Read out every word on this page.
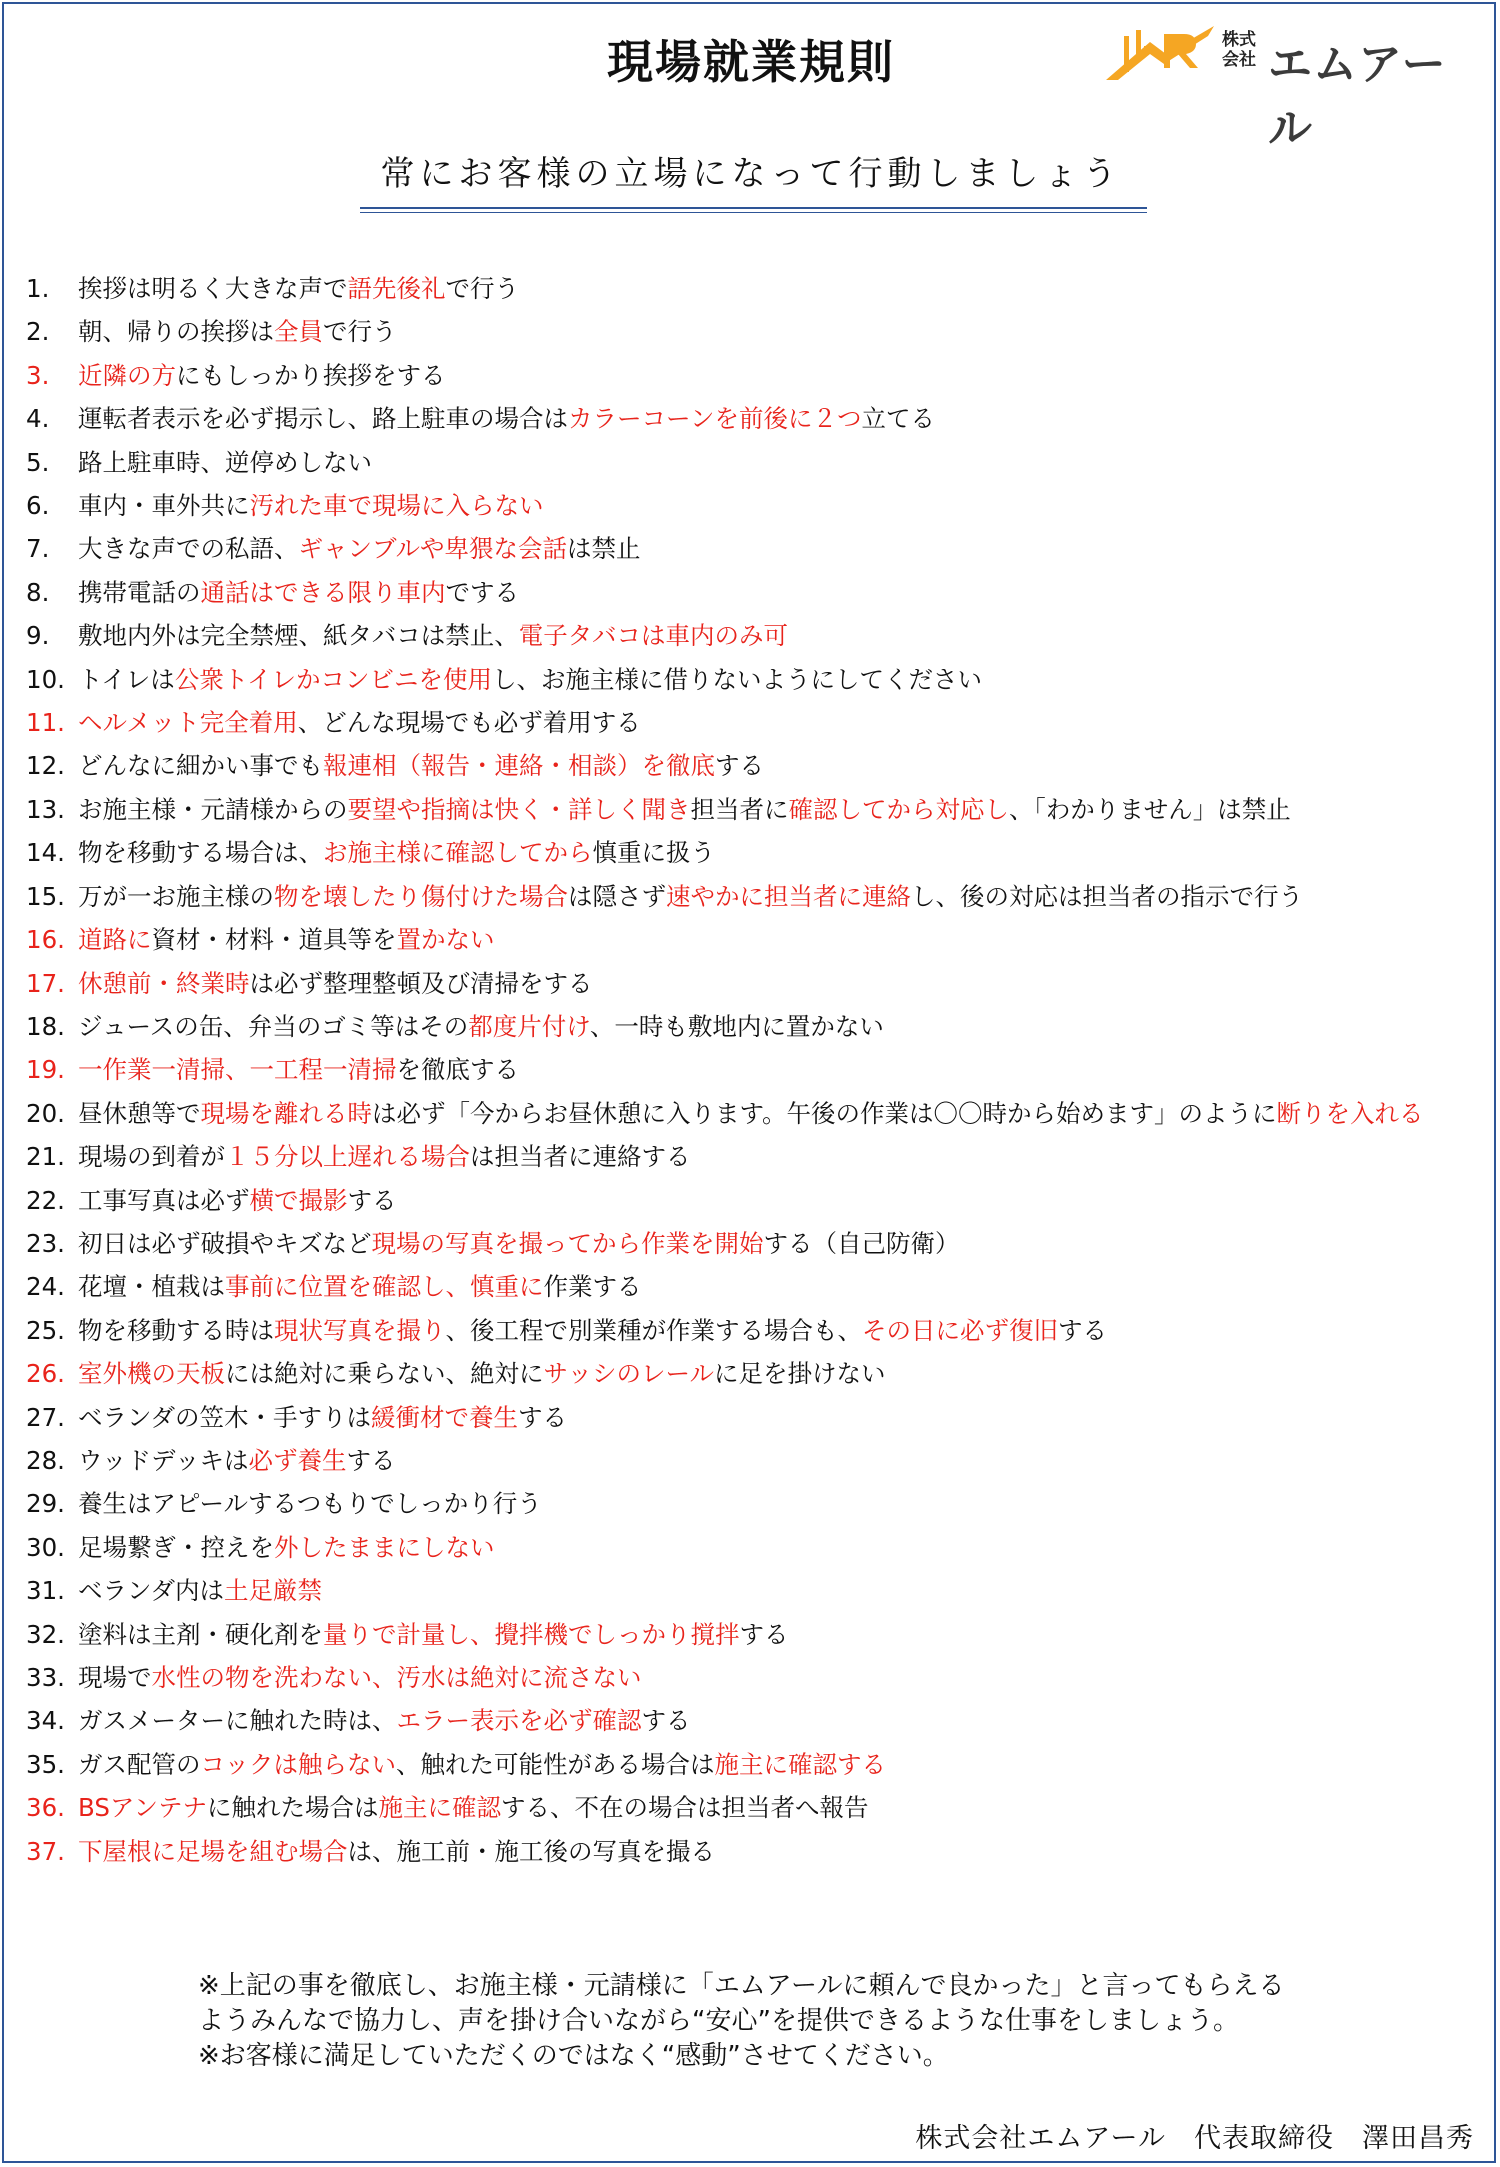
現場就業規則	株式会社 エムアール
常にお客様の立場になって行動しましょう
1.	挨拶は明るく大きな声で語先後礼で行う
2.	朝、帰りの挨拶は全員で行う
3.	近隣の方にもしっかり挨拶をする
4.	運転者表示を必ず掲示し、路上駐車の場合はカラーコーンを前後に２つ立てる
5.	路上駐車時、逆停めしない
6.	車内・車外共に汚れた車で現場に入らない
7.	大きな声での私語、ギャンブルや卑猥な会話は禁止
8.	携帯電話の通話はできる限り車内でする
9.	敷地内外は完全禁煙、紙タバコは禁止、電子タバコは車内のみ可
10. トイレは公衆トイレかコンビニを使用し、お施主様に借りないようにしてください
11. ヘルメット完全着用、どんな現場でも必ず着用する
12. どんなに細かい事でも報連相（報告・連絡・相談）を徹底する
13. お施主様・元請様からの要望や指摘は快く・詳しく聞き担当者に確認してから対応し、「わかりません」は禁止
14. 物を移動する場合は、お施主様に確認してから慎重に扱う
15. 万が一お施主様の物を壊したり傷付けた場合は隠さず速やかに担当者に連絡し、後の対応は担当者の指示で行う
16. 道路に資材・材料・道具等を置かない
17. 休憩前・終業時は必ず整理整頓及び清掃をする
18. ジュースの缶、弁当のゴミ等はその都度片付け、一時も敷地内に置かない
19. 一作業一清掃、一工程一清掃を徹底する
20. 昼休憩等で現場を離れる時は必ず「今からお昼休憩に入ります。午後の作業は〇〇時から始めます」のように断りを入れる
21. 現場の到着が１５分以上遅れる場合は担当者に連絡する
22. 工事写真は必ず横で撮影する
23. 初日は必ず破損やキズなど現場の写真を撮ってから作業を開始する（自己防衛）
24. 花壇・植栽は事前に位置を確認し、慎重に作業する
25. 物を移動する時は現状写真を撮り、後工程で別業種が作業する場合も、その日に必ず復旧する
26. 室外機の天板には絶対に乗らない、絶対にサッシのレールに足を掛けない
27. ベランダの笠木・手すりは緩衝材で養生する
28. ウッドデッキは必ず養生する
29. 養生はアピールするつもりでしっかり行う
30. 足場繋ぎ・控えを外したままにしない
31. ベランダ内は土足厳禁
32. 塗料は主剤・硬化剤を量りで計量し、攪拌機でしっかり撹拌する
33. 現場で水性の物を洗わない、汚水は絶対に流さない
34. ガスメーターに触れた時は、エラー表示を必ず確認する
35. ガス配管のコックは触らない、触れた可能性がある場合は施主に確認する
36. BSアンテナに触れた場合は施主に確認する、不在の場合は担当者へ報告
37. 下屋根に足場を組む場合は、施工前・施工後の写真を撮る

※上記の事を徹底し、お施主様・元請様に「エムアールに頼んで良かった」と言ってもらえる

ようみんなで協力し、声を掛け合いながら“安心”を提供できるような仕事をしましょう。

※お客様に満足していただくのではなく“感動”させてください。

株式会社エムアール　代表取締役　澤田昌秀
